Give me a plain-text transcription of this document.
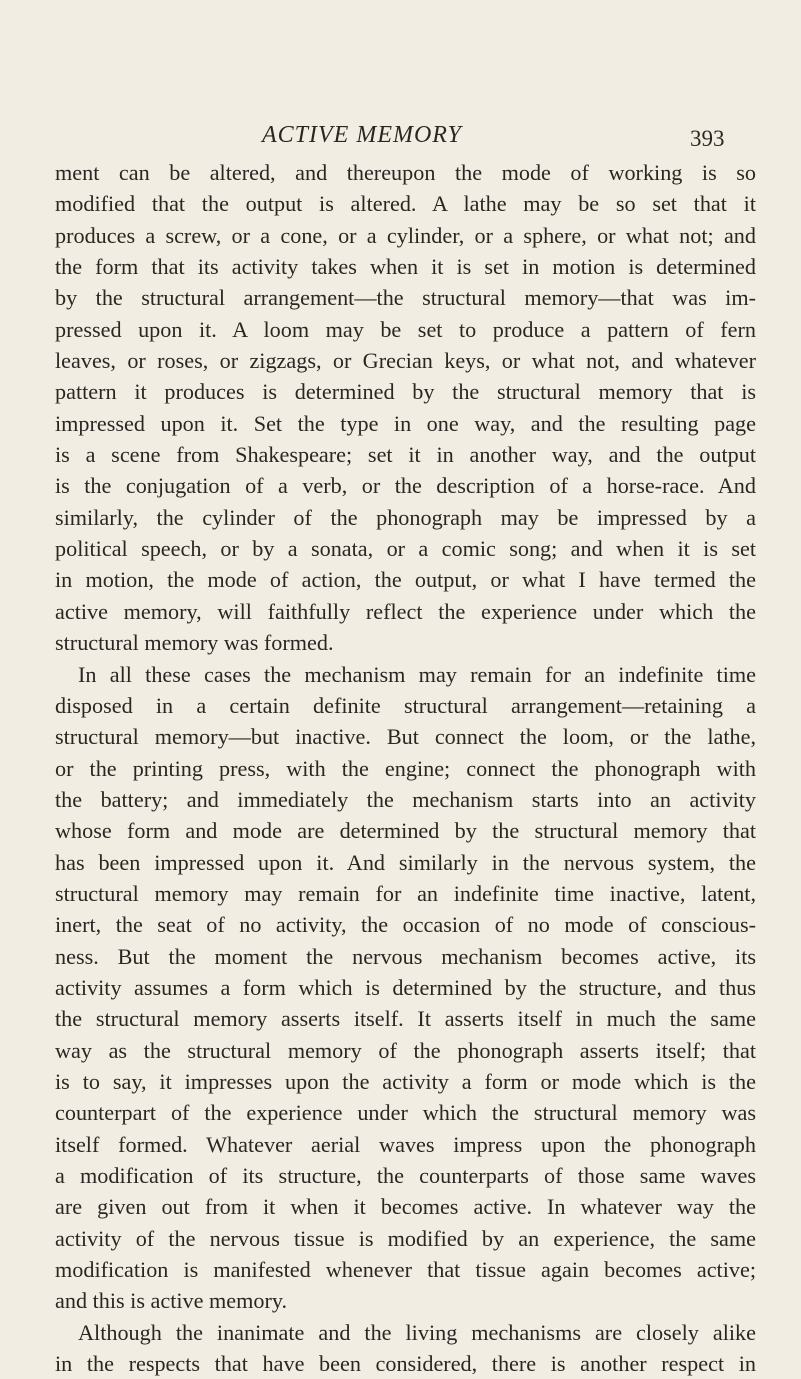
ACTIVE MEMORY	393
ment can be altered, and thereupon the mode of working is so
modified that the output is altered. A lathe may be so set that it
produces a screw, or a cone, or a cylinder, or a sphere, or what not; and
the form that its activity takes when it is set in motion is determined
by the structural arrangement—the structural memory—that was im-
pressed upon it. A loom may be set to produce a pattern of fern
leaves, or roses, or zigzags, or Grecian keys, or what not, and whatever
pattern it produces is determined by the structural memory that is
impressed upon it. Set the type in one way, and the resulting page
is a scene from Shakespeare; set it in another way, and the output
is the conjugation of a verb, or the description of a horse-race. And
similarly, the cylinder of the phonograph may be impressed by a
political speech, or by a sonata, or a comic song; and when it is set
in motion, the mode of action, the output, or what I have termed the
active memory, will faithfully reflect the experience under which the
structural memory was formed.
In all these cases the mechanism may remain for an indefinite time
disposed in a certain definite structural arrangement—retaining a
structural memory—but inactive. But connect the loom, or the lathe,
or the printing press, with the engine; connect the phonograph with
the battery; and immediately the mechanism starts into an activity
whose form and mode are determined by the structural memory that
has been impressed upon it. And similarly in the nervous system, the
structural memory may remain for an indefinite time inactive, latent,
inert, the seat of no activity, the occasion of no mode of conscious-
ness. But the moment the nervous mechanism becomes active, its
activity assumes a form which is determined by the structure, and thus
the structural memory asserts itself. It asserts itself in much the same
way as the structural memory of the phonograph asserts itself; that
is to say, it impresses upon the activity a form or mode which is the
counterpart of the experience under which the structural memory was
itself formed. Whatever aerial waves impress upon the phonograph
a modification of its structure, the counterparts of those same waves
are given out from it when it becomes active. In whatever way the
activity of the nervous tissue is modified by an experience, the same
modification is manifested whenever that tissue again becomes active;
and this is active memory.
Although the inanimate and the living mechanisms are closely alike
in the respects that have been considered, there is another respect in
